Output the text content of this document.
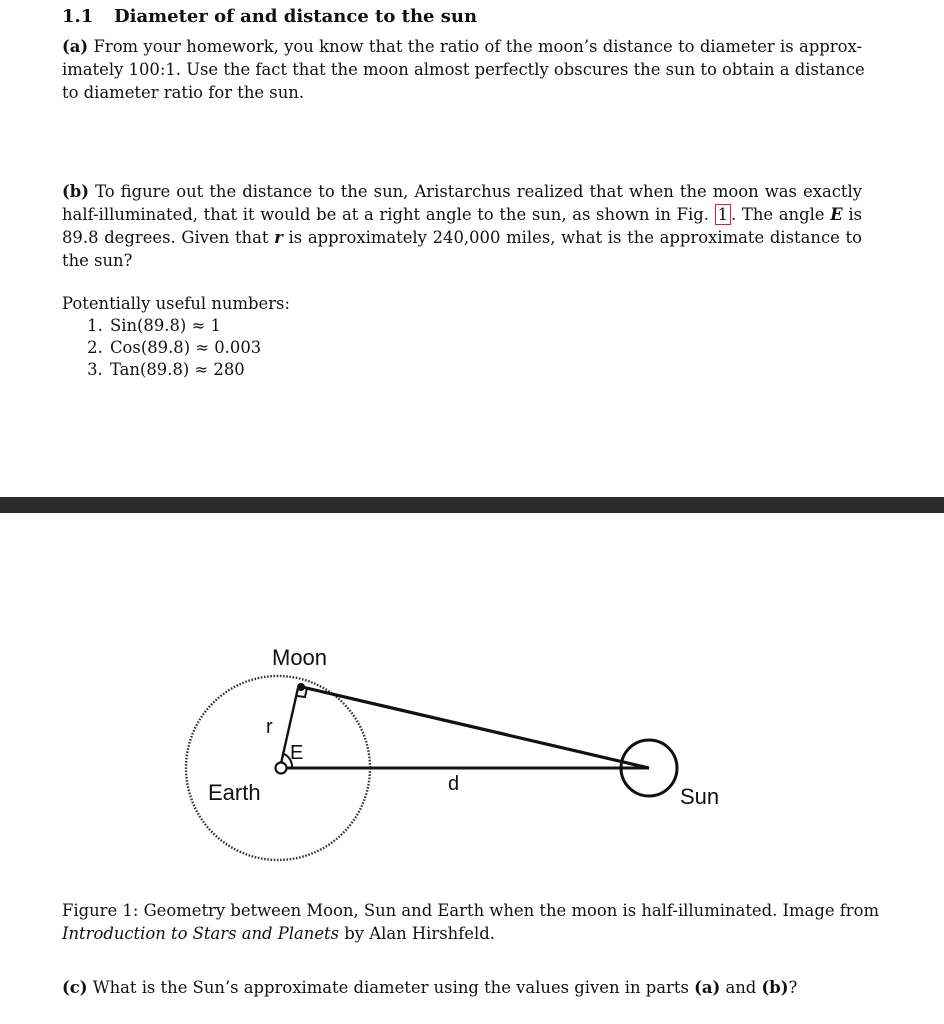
1.1 Diameter of and distance to the sun
(a) From your homework, you know that the ratio of the moon’s distance to diameter is approx-
imately 100:1. Use the fact that the moon almost perfectly obscures the sun to obtain a distance
to diameter ratio for the sun.
(b) To figure out the distance to the sun, Aristarchus realized that when the moon was exactly
half-illuminated, that it would be at a right angle to the sun, as shown in Fig. 1 . The angle E is
89.8 degrees. Given that r is approximately 240,000 miles, what is the approximate distance to
the sun?
Potentially useful numbers:
1. Sin(89.8) ≈ 1
2. Cos(89.8) ≈ 0.003
3. Tan(89.8) ≈ 280
Moon
r
E
Earth	d	Sun
Figure 1: Geometry between Moon, Sun and Earth when the moon is half-illuminated. Image from
Introduction to Stars and Planets by Alan Hirshfeld.
(c) What is the Sun’s approximate diameter using the values given in parts (a) and (b)?
